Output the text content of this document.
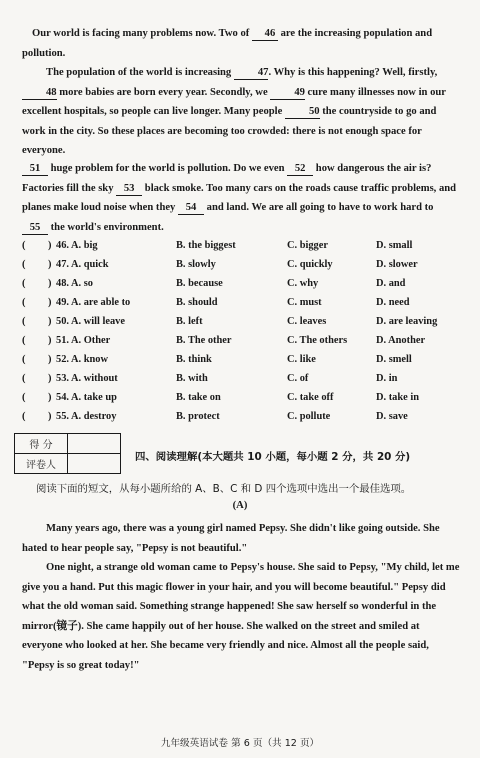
Our world is facing many problems now. Two of 46 are the increasing population and pollution.

The population of the world is increasing 47. Why is this happening? Well, firstly, 48 more babies are born every year. Secondly, we 49 cure many illnesses now in our excellent hospitals, so people can live longer. Many people 50 the countryside to go and work in the city. So these places are becoming too crowded: there is not enough space for everyone.

51 huge problem for the world is pollution. Do we even 52 how dangerous the air is? Factories fill the sky 53 black smoke. Too many cars on the roads cause traffic problems, and planes make loud noise when they 54 and land. We are all going to have to work hard to 55 the world's environment.

( ) 46. A. big	B. the biggest	C. bigger	D. small
( ) 47. A. quick	B. slowly	C. quickly	D. slower
( ) 48. A. so	B. because	C. why	D. and
( ) 49. A. are able to	B. should	C. must	D. need
( ) 50. A. will leave	B. left	C. leaves	D. are leaving
( ) 51. A. Other	B. The other	C. The others	D. Another
( ) 52. A. know	B. think	C. like	D. smell
( ) 53. A. without	B. with	C. of	D. in
( ) 54. A. take up	B. take on	C. take off	D. take in
( ) 55. A. destroy	B. protect	C. pollute	D. save
得 分	
评卷人	
四、阅读理解(本大题共 10 小题，每小题 2 分，共 20 分)
阅读下面的短文，从每小题所给的 A、B、C 和 D 四个选项中选出一个最佳选项。
(A)

Many years ago, there was a young girl named Pepsy. She didn't like going outside. She hated to hear people say, "Pepsy is not beautiful."

One night, a strange old woman came to Pepsy's house. She said to Pepsy, "My child, let me give you a hand. Put this magic flower in your hair, and you will become beautiful." Pepsy did what the old woman said. Something strange happened! She saw herself so wonderful in the mirror(镜子). She came happily out of her house. She walked on the street and smiled at everyone who looked at her. She became very friendly and nice. Almost all the people said, "Pepsy is so great today!"

九年级英语试卷 第 6 页（共 12 页）
